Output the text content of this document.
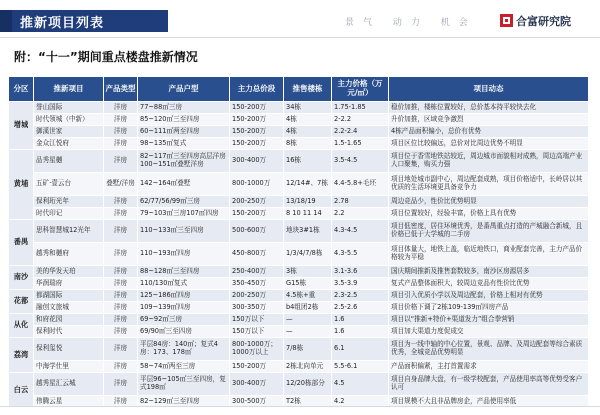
推新项目列表	景气 动力 机会	合富研究院
附：“十一”期间重点楼盘推新情况
分区	推新项目	产品类型	产品户型	主力总价段	推售楼栋	主力价格（万元/㎡）	项目动态
增城	誉山国际	洋房	77~88㎡三房	150-200万	34栋	1.75-1.85	稳价加推，楼栋位置较好，总价基本持平较快去化
	时代领城（中新）	洋房	85~120㎡三至四房	150-200万	4栋	2-2.2	升价加推，区域竞争激烈
	御溪世家	洋房	60~111㎡两至四房	150-200万	4栋	2.2-2.4	4栋产品面积偏小，总价有优势
	金众江悦府	洋房	98~135㎡复式	150-200万	8栋	1.5-1.65	项目区位比较偏远，总价对比周边优势不明显
黄埔	品秀星樾	洋房	82~117㎡三至四房高层洋房 100~151㎡叠墅洋房	300-400万	16栋	3.5-4.5	项目位于香雪地铁站较近，周边城市面貌相对成熟，周边高端产业人口聚集，购买力强
	五矿·壹云台	叠墅/洋房	142~164㎡叠墅	800-1000万	12/14#、7栋	4.4-5.8+毛坯	项目地处城市副中心，周边配套成熟，项目价格适中，长岭居以其优质的生活环境更具备竞争力
	保利珩光年	洋房	62/77/56/99㎡三房	200-250万	13/18/19	2.78	周边竞品少，性价比优势明显
	时代印记	洋房	79~103㎡三房107㎡四房	150-200万	8 10 11 14	2.2	项目位置较好，经验丰富，价格上具有优势
番禺	思科智慧城12光年	洋房	110~133㎡三至四房	500-600万	地块3#1栋	4.3-4.5	项目低密度，居住环境优秀，是番禺重点打造的产城融合新城，且价格已低于大学城的二手房
	越秀和樾府	洋房	110~193㎡四房	450-800万	1/3/4/7/8栋	4.3-5.5	项目体量大，地铁上盖，临近地铁口，商业配套完善，主力产品价格较为平稳
南沙	美的华发天珀	洋房	88~128㎡三至四房	250-400万	3栋	3.1-3.6	国庆期间推新及推售套数较多，南沙区房源居多
	华润瑞府	洋房	110/130㎡复式	350-450万	G15栋	3.5-3.9	复式产品整体面积大，较周边竞品有性价比优势
花都	都湖国际	洋房	125~186㎡四房	200-250万	4.5栋+重	2.3-2.5	项目引入优质小学以及周边配套，价格上相对有优势
	融创文旅城	洋房	109~139㎡四房	300-350万	b4组团2栋	2.5-2.6	项目价格下调了2栋109-139㎡四房产品
从化	和府花园	洋房	69~92㎡三房	150万以下	—	1.6	项目以“推新+特价+渠道发力”组合拳营销
	保利时代	洋房	69/90㎡三至四房	150万以下	—	1.6	项目加大渠道力度促成交
荔湾	保利玺悦	洋房	平层84房：140㎡；复式4房：173、178㎡	800-1000万；1000万以上	7/8栋	6.1	项目为一线中轴的中心位置，景观、品牌、及周边配套等综合素质优秀，全城竞品优势明显
	中海学仕里	洋房	58~74㎡两至三房	150-200万	2栋北向单元	5.5-6.1	产品面积偏紧，主打首置需求
白云	越秀星汇云城	洋房	平层96~105㎡三至四房，复式198㎡	300-400万	12/20栋部分	4.5	项目自身品牌大盘，有一级学校配套，产品使用率高等优势受客户认可
	伟腾云星	洋房	82~129㎡三至四房	300-500万	T2栋	4.2	项目规模不大且非品牌房企，产品使用率低
